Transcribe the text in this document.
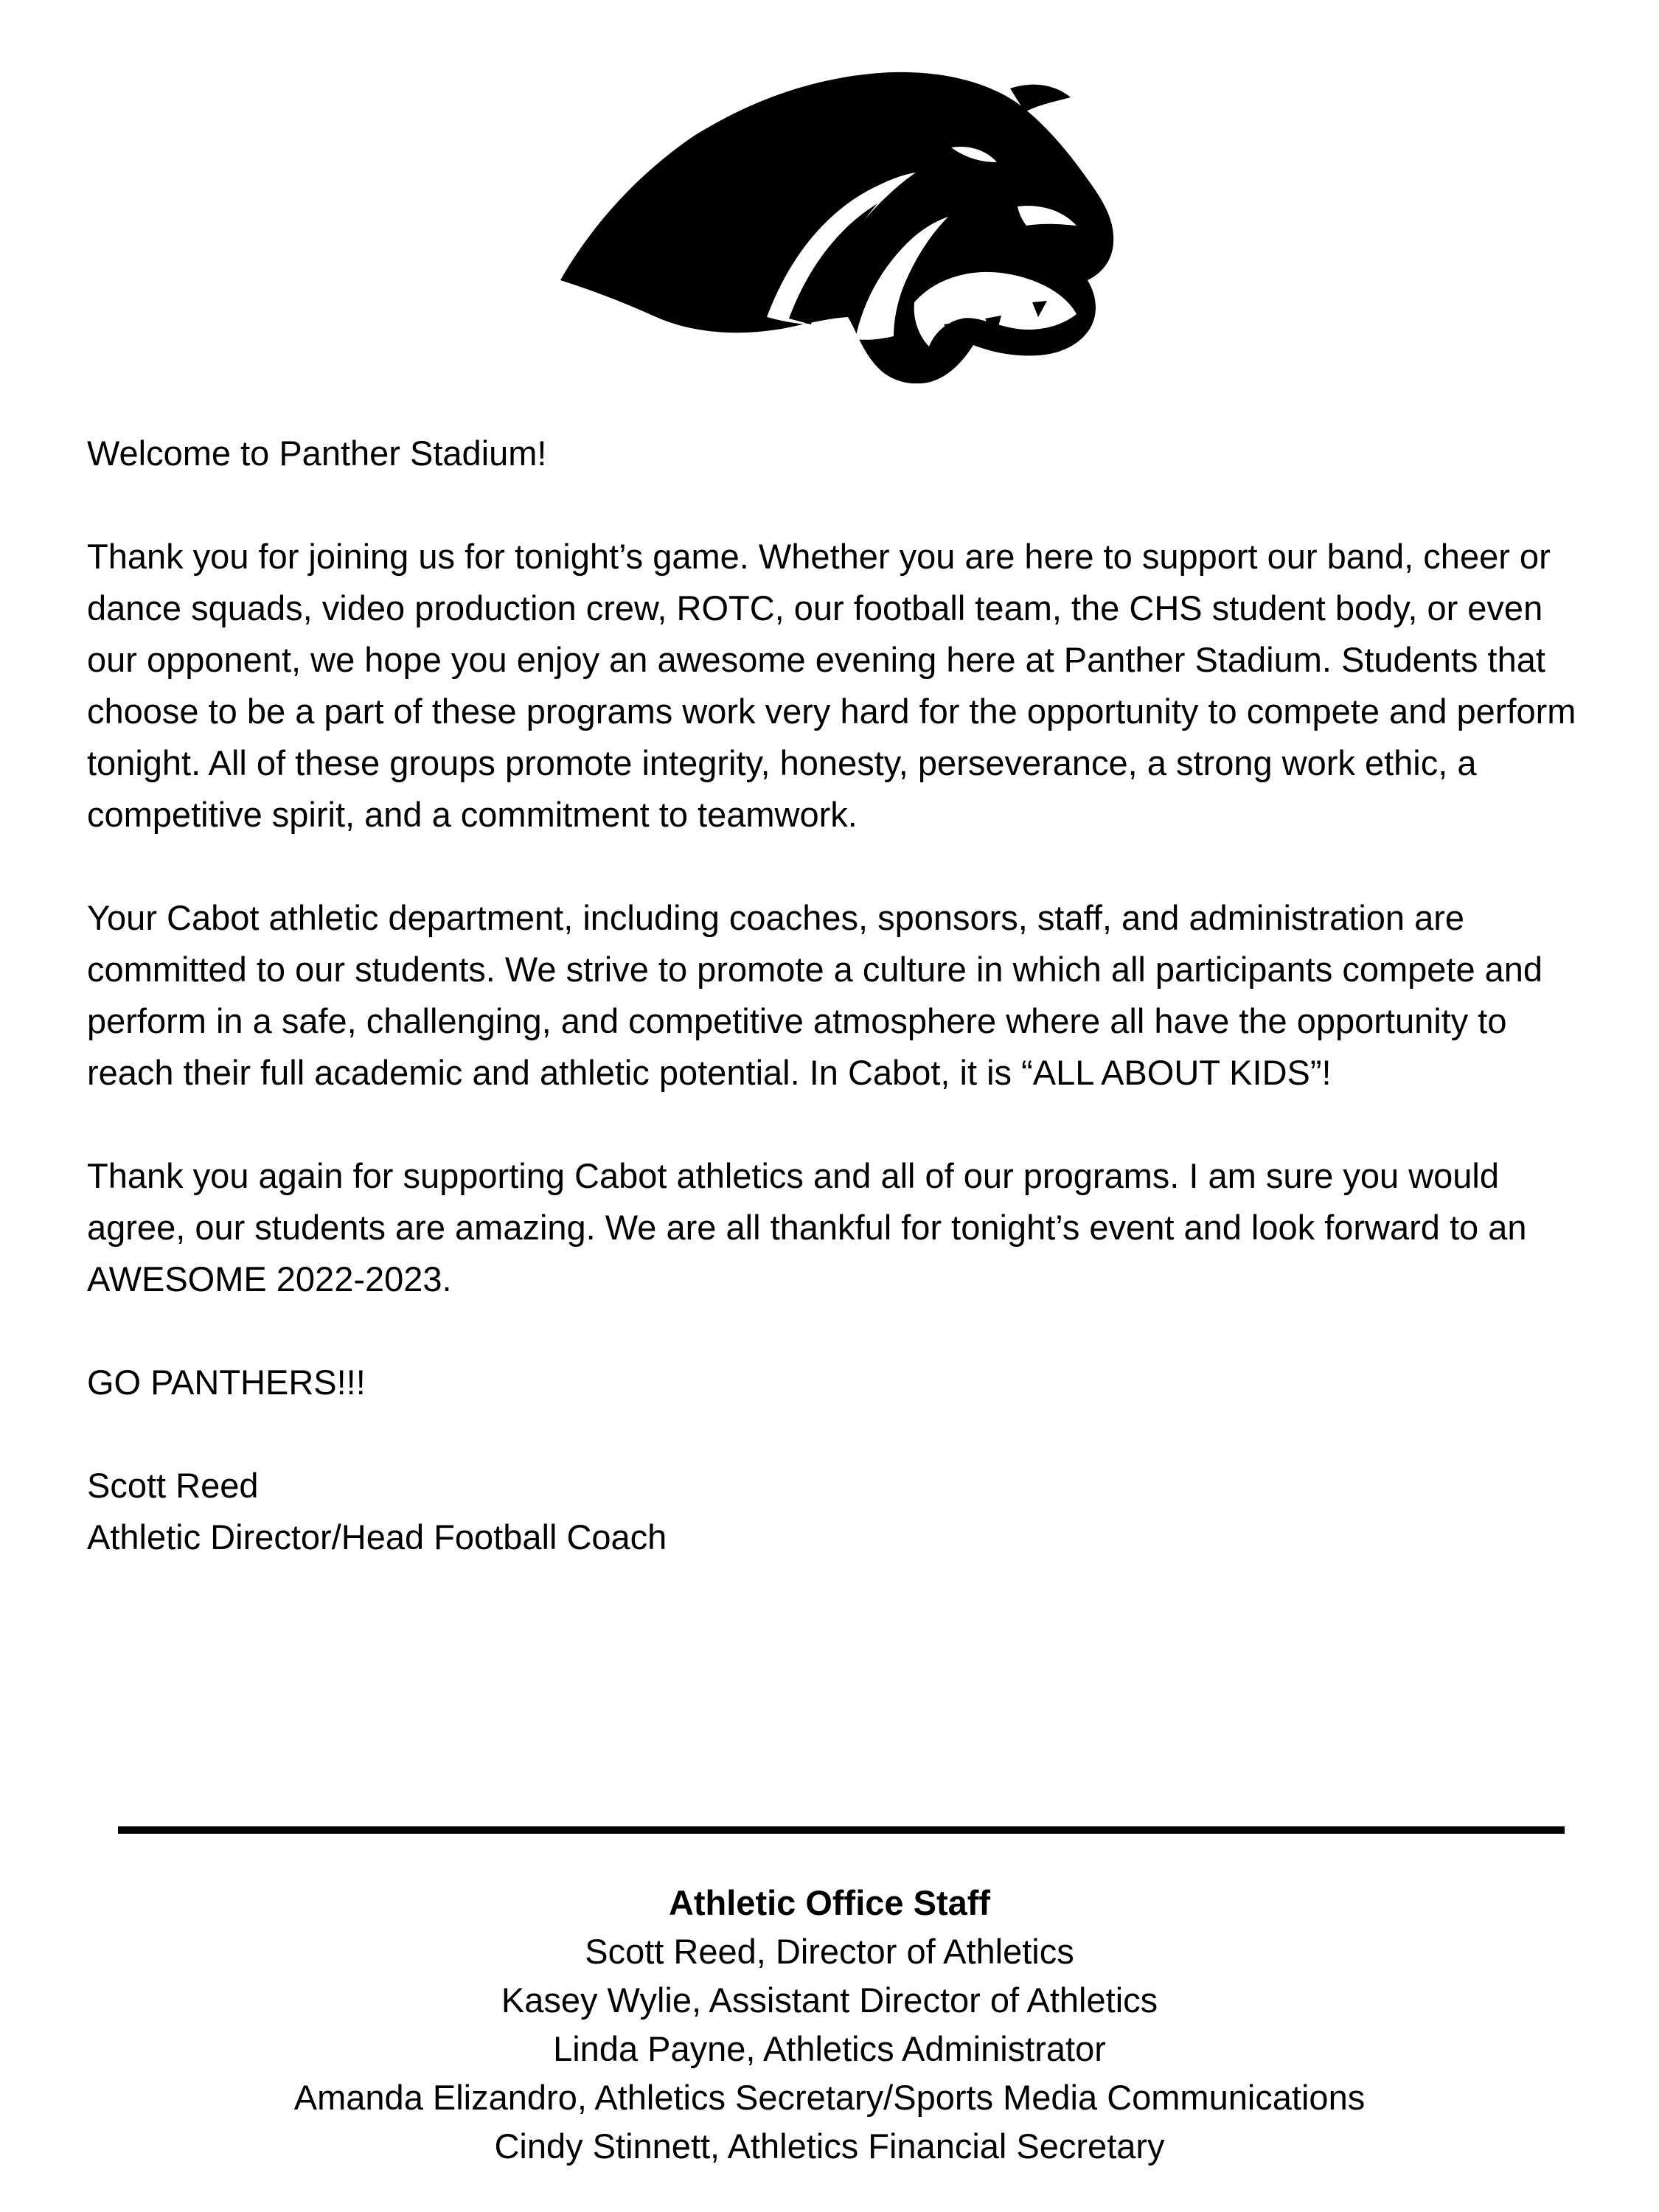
Welcome to Panther Stadium!

Thank you for joining us for tonight’s game. Whether you are here to support our band, cheer or dance squads, video production crew, ROTC, our football team, the CHS student body, or even our opponent, we hope you enjoy an awesome evening here at Panther Stadium. Students that choose to be a part of these programs work very hard for the opportunity to compete and perform tonight. All of these groups promote integrity, honesty, perseverance, a strong work ethic, a competitive spirit, and a commitment to teamwork.

Your Cabot athletic department, including coaches, sponsors, staff, and administration are committed to our students. We strive to promote a culture in which all participants compete and perform in a safe, challenging, and competitive atmosphere where all have the opportunity to reach their full academic and athletic potential. In Cabot, it is “ALL ABOUT KIDS”!

Thank you again for supporting Cabot athletics and all of our programs. I am sure you would agree, our students are amazing. We are all thankful for tonight’s event and look forward to an AWESOME 2022-2023.

GO PANTHERS!!!

Scott Reed

Athletic Director/Head Football Coach

Athletic Office Staff
Scott Reed, Director of Athletics
Kasey Wylie, Assistant Director of Athletics
Linda Payne, Athletics Administrator
Amanda Elizandro, Athletics Secretary/Sports Media Communications
Cindy Stinnett, Athletics Financial Secretary
